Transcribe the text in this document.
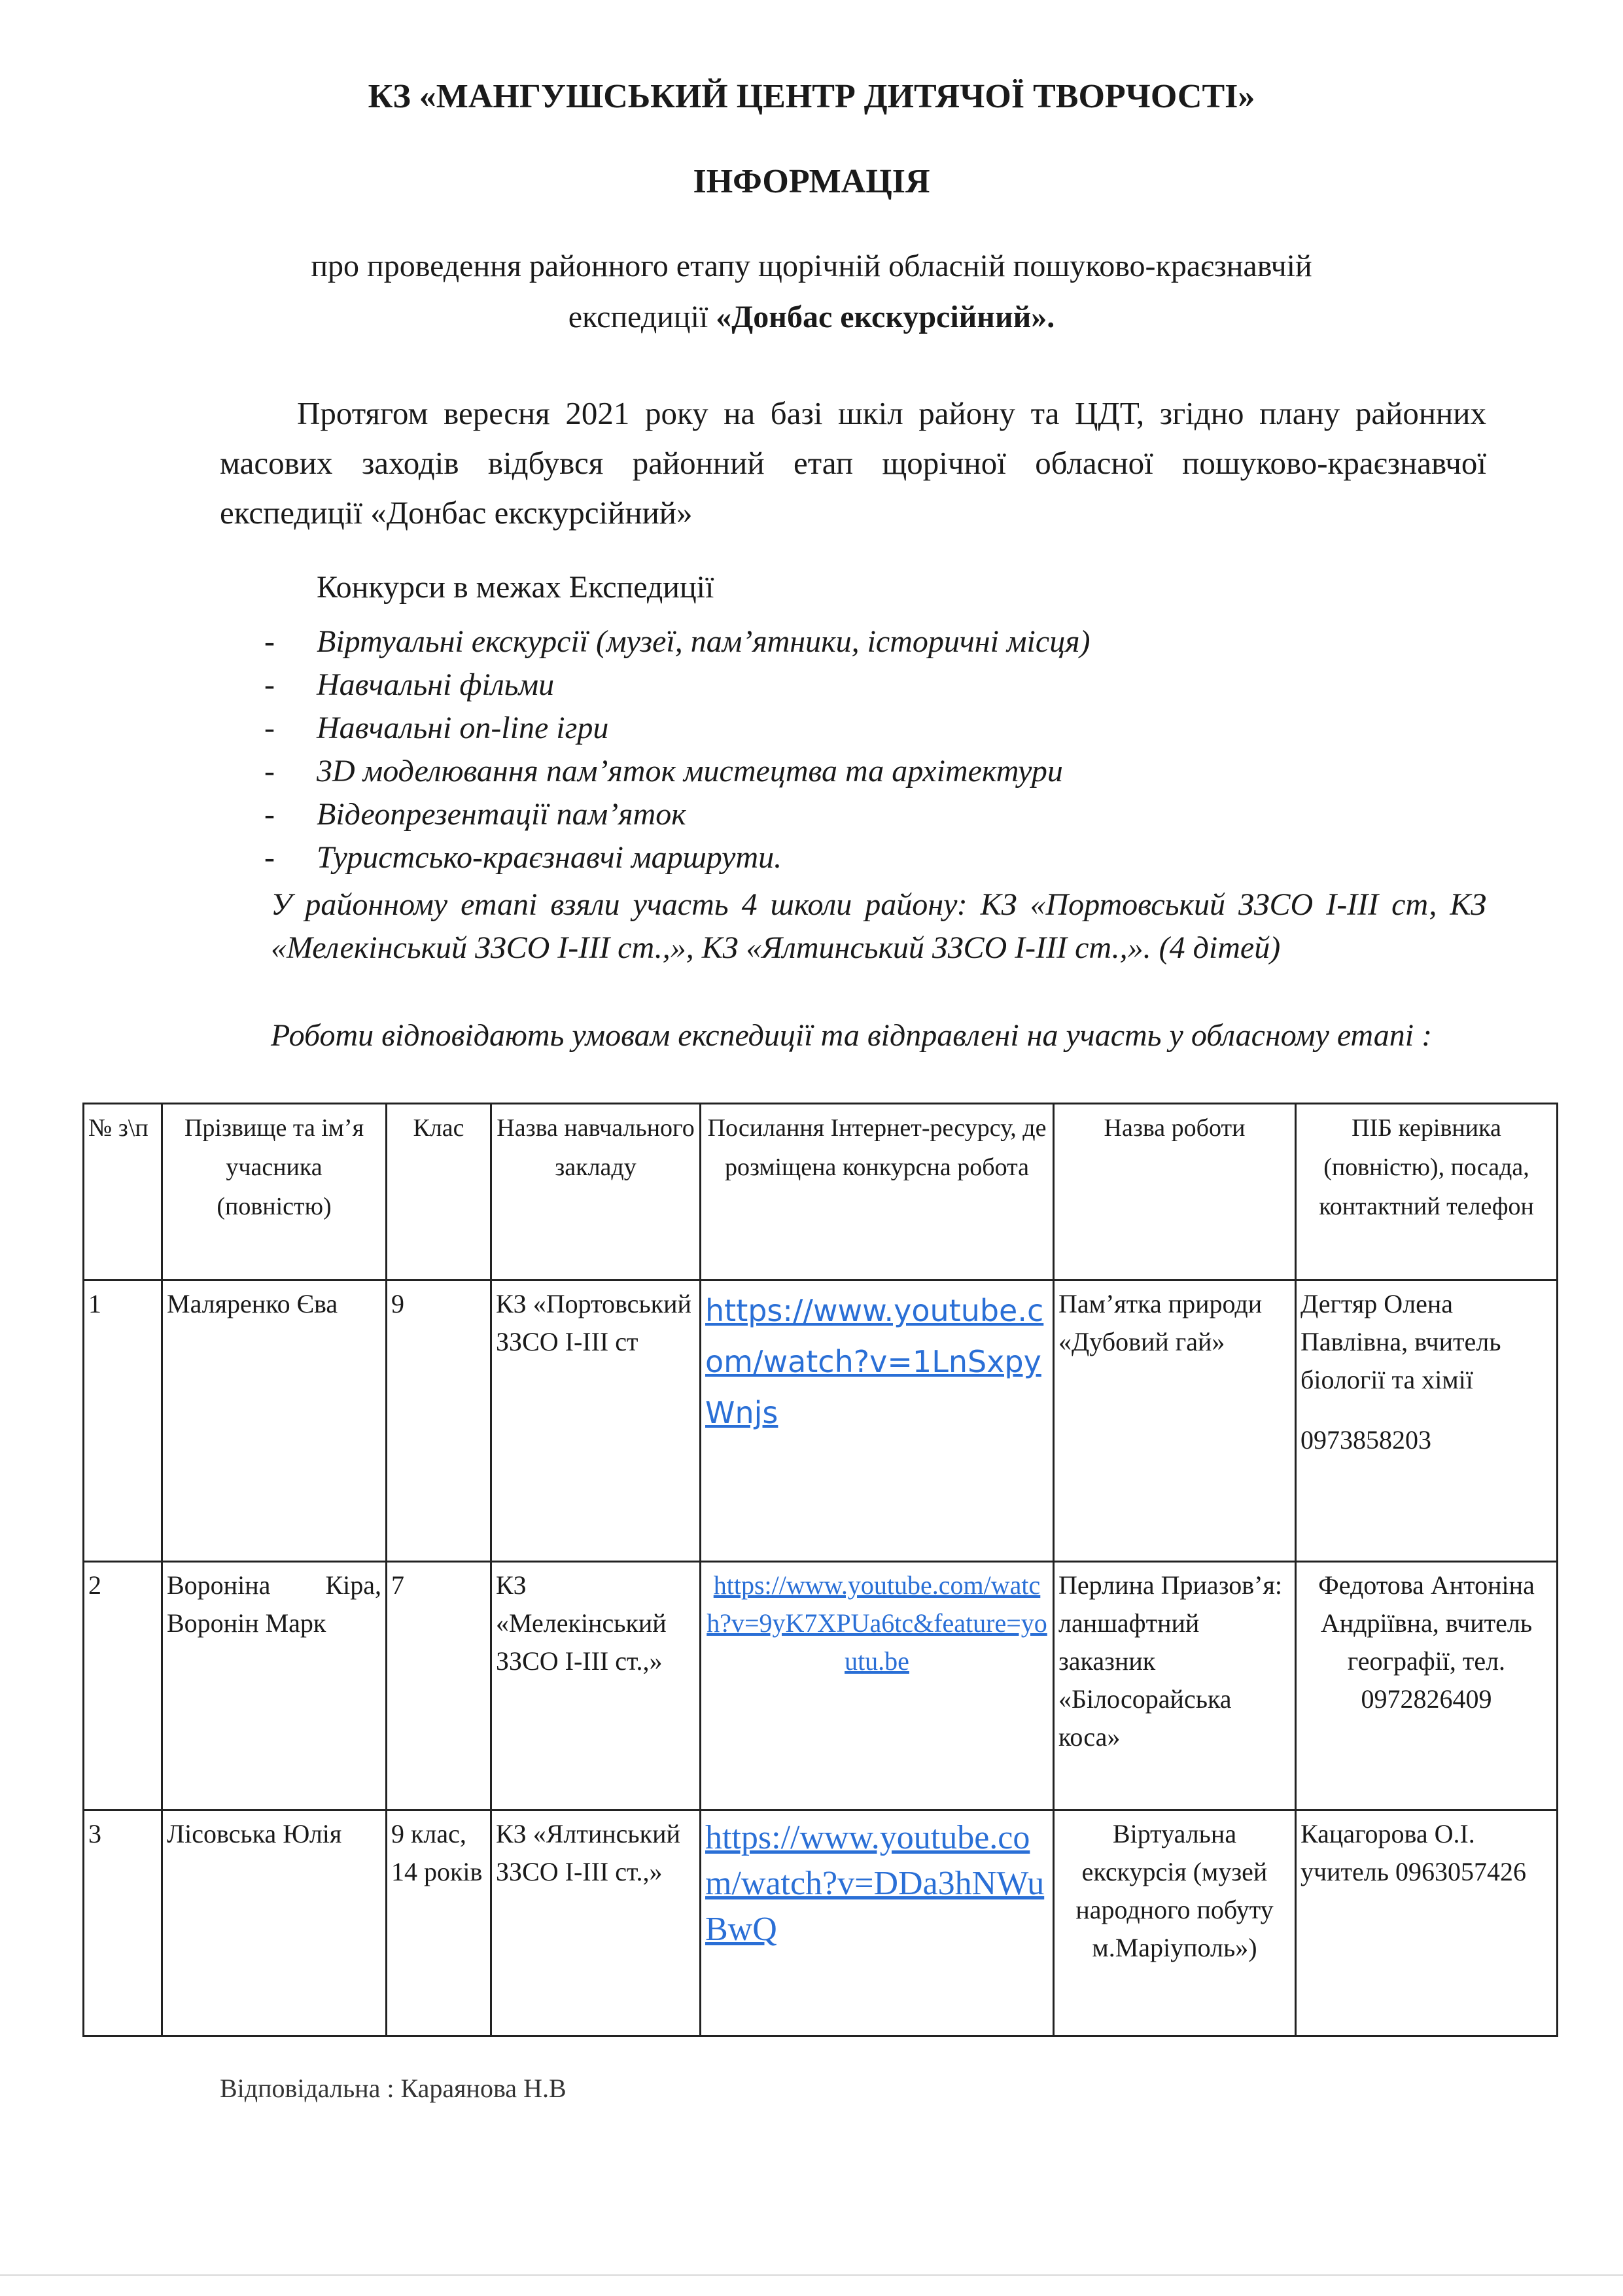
КЗ «МАНГУШСЬКИЙ ЦЕНТР ДИТЯЧОЇ ТВОРЧОСТІ»
ІНФОРМАЦІЯ
про проведення районного етапу щорічній обласній пошуково-краєзнавчій
експедиції «Донбас екскурсійний».
Протягом вересня 2021 року на базі шкіл району та ЦДТ, згідно плану районних масових заходів відбувся районний етап щорічної обласної пошуково-краєзнавчої експедиції «Донбас екскурсійний»
Конкурси в межах Експедиції
- Віртуальні екскурсії (музеї, пам’ятники, історичні місця)
- Навчальні фільми
- Навчальні on-line ігри
- 3D моделювання пам’яток мистецтва та архітектури
- Відеопрезентації пам’яток
- Туристсько-краєзнавчі маршрути.
У районному етапі взяли участь 4 школи району: КЗ «Портовський ЗЗСО І-ІІІ ст, КЗ «Мелекінський ЗЗСО І-ІІІ ст.,», КЗ «Ялтинський ЗЗСО І-ІІІ ст.,». (4 дітей)
Роботи відповідають умовам експедиції та відправлені на участь у обласному етапі :
№ з\п	Прізвище та ім’я учасника (повністю)	Клас	Назва навчального закладу	Посилання Інтернет-ресурсу, де розміщена конкурсна робота	Назва роботи	ПІБ керівника (повністю), посада, контактний телефон
1	Маляренко Єва	9	КЗ «Портовський ЗЗСО І-ІІІ ст	https://www.youtube.com/watch?v=1LnSxpyWnjs	Пам’ятка природи «Дубовий гай»	Дегтяр Олена Павлівна, вчитель біології та хімії
0973858203

2	Вороніна Кіра, Воронін Марк	7	КЗ «Мелекінський ЗЗСО І-ІІІ ст.,»	https://www.youtube.com/watch?v=9yK7XPUa6tc&feature=youtu.be	Перлина Приазов’я: ланшафтний заказник «Білосорайська коса»	Федотова Антоніна Андріївна, вчитель географії, тел. 0972826409
3	Лісовська Юлія	9 клас, 14 років	КЗ «Ялтинський ЗЗСО І-ІІІ ст.,»	https://www.youtube.com/watch?v=DDa3hNWuBwQ	Віртуальна екскурсія (музей народного побуту м.Маріуполь»)	Кацагорова О.І. учитель 0963057426
Відповідальна : Караянова Н.В
